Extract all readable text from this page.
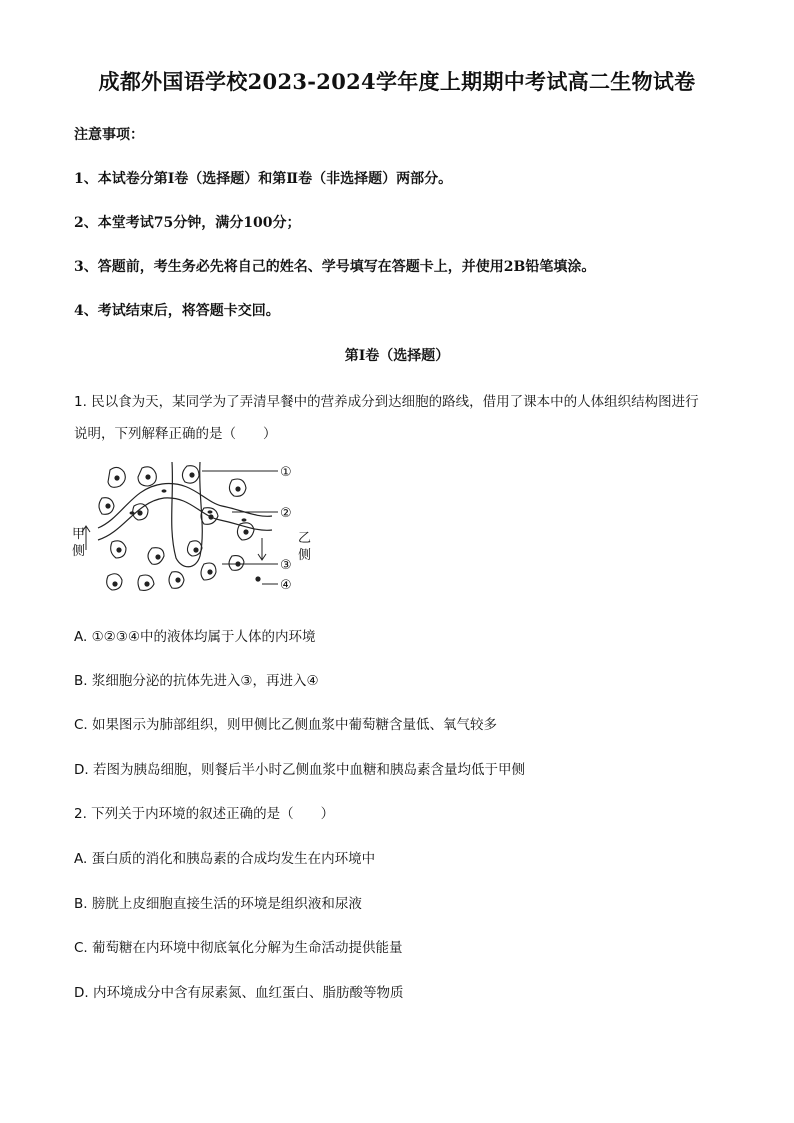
成都外国语学校2023-2024学年度上期期中考试高二生物试卷
注意事项：
1、本试卷分第Ⅰ卷（选择题）和第Ⅱ卷（非选择题）两部分。
2、本堂考试75分钟，满分100分；
3、答题前，考生务必先将自己的姓名、学号填写在答题卡上，并使用2B铅笔填涂。
4、考试结束后，将答题卡交回。
第Ⅰ卷（选择题）
1. 民以食为天，某同学为了弄清早餐中的营养成分到达细胞的路线，借用了课本中的人体组织结构图进行
说明，下列解释正确的是（　　）
①
②
③
④
甲
侧
乙
侧
A. ①②③④中的液体均属于人体的内环境
B. 浆细胞分泌的抗体先进入③，再进入④
C. 如果图示为肺部组织，则甲侧比乙侧血浆中葡萄糖含量低、氧气较多
D. 若图为胰岛细胞，则餐后半小时乙侧血浆中血糖和胰岛素含量均低于甲侧
2. 下列关于内环境的叙述正确的是（　　）
A. 蛋白质的消化和胰岛素的合成均发生在内环境中
B. 膀胱上皮细胞直接生活的环境是组织液和尿液
C. 葡萄糖在内环境中彻底氧化分解为生命活动提供能量
D. 内环境成分中含有尿素氮、血红蛋白、脂肪酸等物质
